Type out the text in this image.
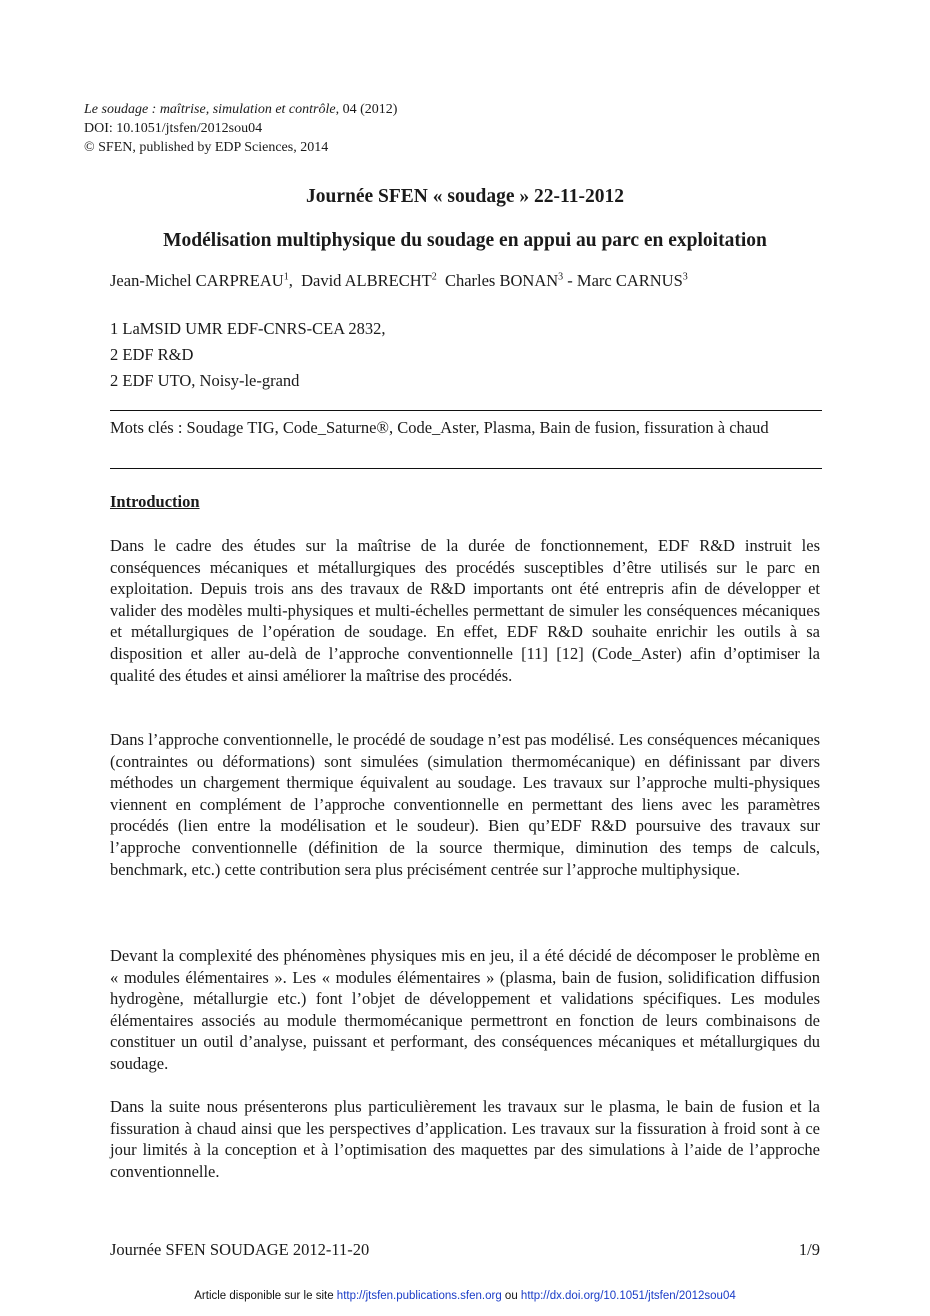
Le soudage : maîtrise, simulation et contrôle, 04 (2012)
DOI: 10.1051/jtsfen/2012sou04
© SFEN, published by EDP Sciences, 2014
Journée SFEN « soudage » 22-11-2012
Modélisation multiphysique du soudage en appui au parc en exploitation
Jean-Michel CARPREAU$^1$,  David ALBRECHT$^2$ Charles BONAN$^3$ - Marc CARNUS$^3$
1 LaMSID UMR EDF-CNRS-CEA 2832,
2 EDF R&D
2 EDF UTO, Noisy-le-grand
Mots clés : Soudage TIG, Code_Saturne®, Code_Aster, Plasma, Bain de fusion, fissuration à chaud
Introduction
Dans le cadre des études sur la maîtrise de la durée de fonctionnement, EDF R&D instruit les conséquences mécaniques et métallurgiques des procédés susceptibles d’être utilisés sur le parc en exploitation. Depuis trois ans des travaux de R&D importants ont été entrepris afin de développer et valider des modèles multi-physiques et multi-échelles permettant de simuler les conséquences mécaniques et métallurgiques de l’opération de soudage. En effet, EDF R&D souhaite enrichir les outils à sa disposition et aller au-delà de l’approche conventionnelle [11] [12] (Code_Aster) afin d’optimiser la qualité des études et ainsi améliorer la maîtrise des procédés.
Dans l’approche conventionnelle, le procédé de soudage n’est pas modélisé. Les conséquences mécaniques (contraintes ou déformations) sont simulées (simulation thermomécanique) en définissant par divers méthodes un chargement thermique équivalent au soudage. Les travaux sur l’approche multi-physiques viennent en complément de l’approche conventionnelle en permettant des liens avec les paramètres procédés (lien entre la modélisation et le soudeur). Bien qu’EDF R&D poursuive des travaux sur l’approche conventionnelle (définition de la source thermique, diminution des temps de calculs, benchmark, etc.) cette contribution sera plus précisément centrée sur l’approche multiphysique.
Devant la complexité des phénomènes physiques mis en jeu, il a été décidé de décomposer le problème en « modules élémentaires ». Les « modules élémentaires » (plasma, bain de fusion, solidification diffusion hydrogène, métallurgie etc.) font l’objet de développement et validations spécifiques. Les modules élémentaires associés au module thermomécanique permettront en fonction de leurs combinaisons de constituer un outil d’analyse, puissant et performant, des conséquences mécaniques et métallurgiques du soudage.
Dans la suite nous présenterons plus particulièrement les travaux sur le plasma, le bain de fusion et la fissuration à chaud ainsi que les perspectives d’application. Les travaux sur la fissuration à froid sont à ce jour limités à la conception et à l’optimisation des maquettes par des simulations à l’aide de l’approche conventionnelle.
Journée SFEN SOUDAGE 2012-11-20	1/9
Article disponible sur le site http://jtsfen.publications.sfen.org ou http://dx.doi.org/10.1051/jtsfen/2012sou04
